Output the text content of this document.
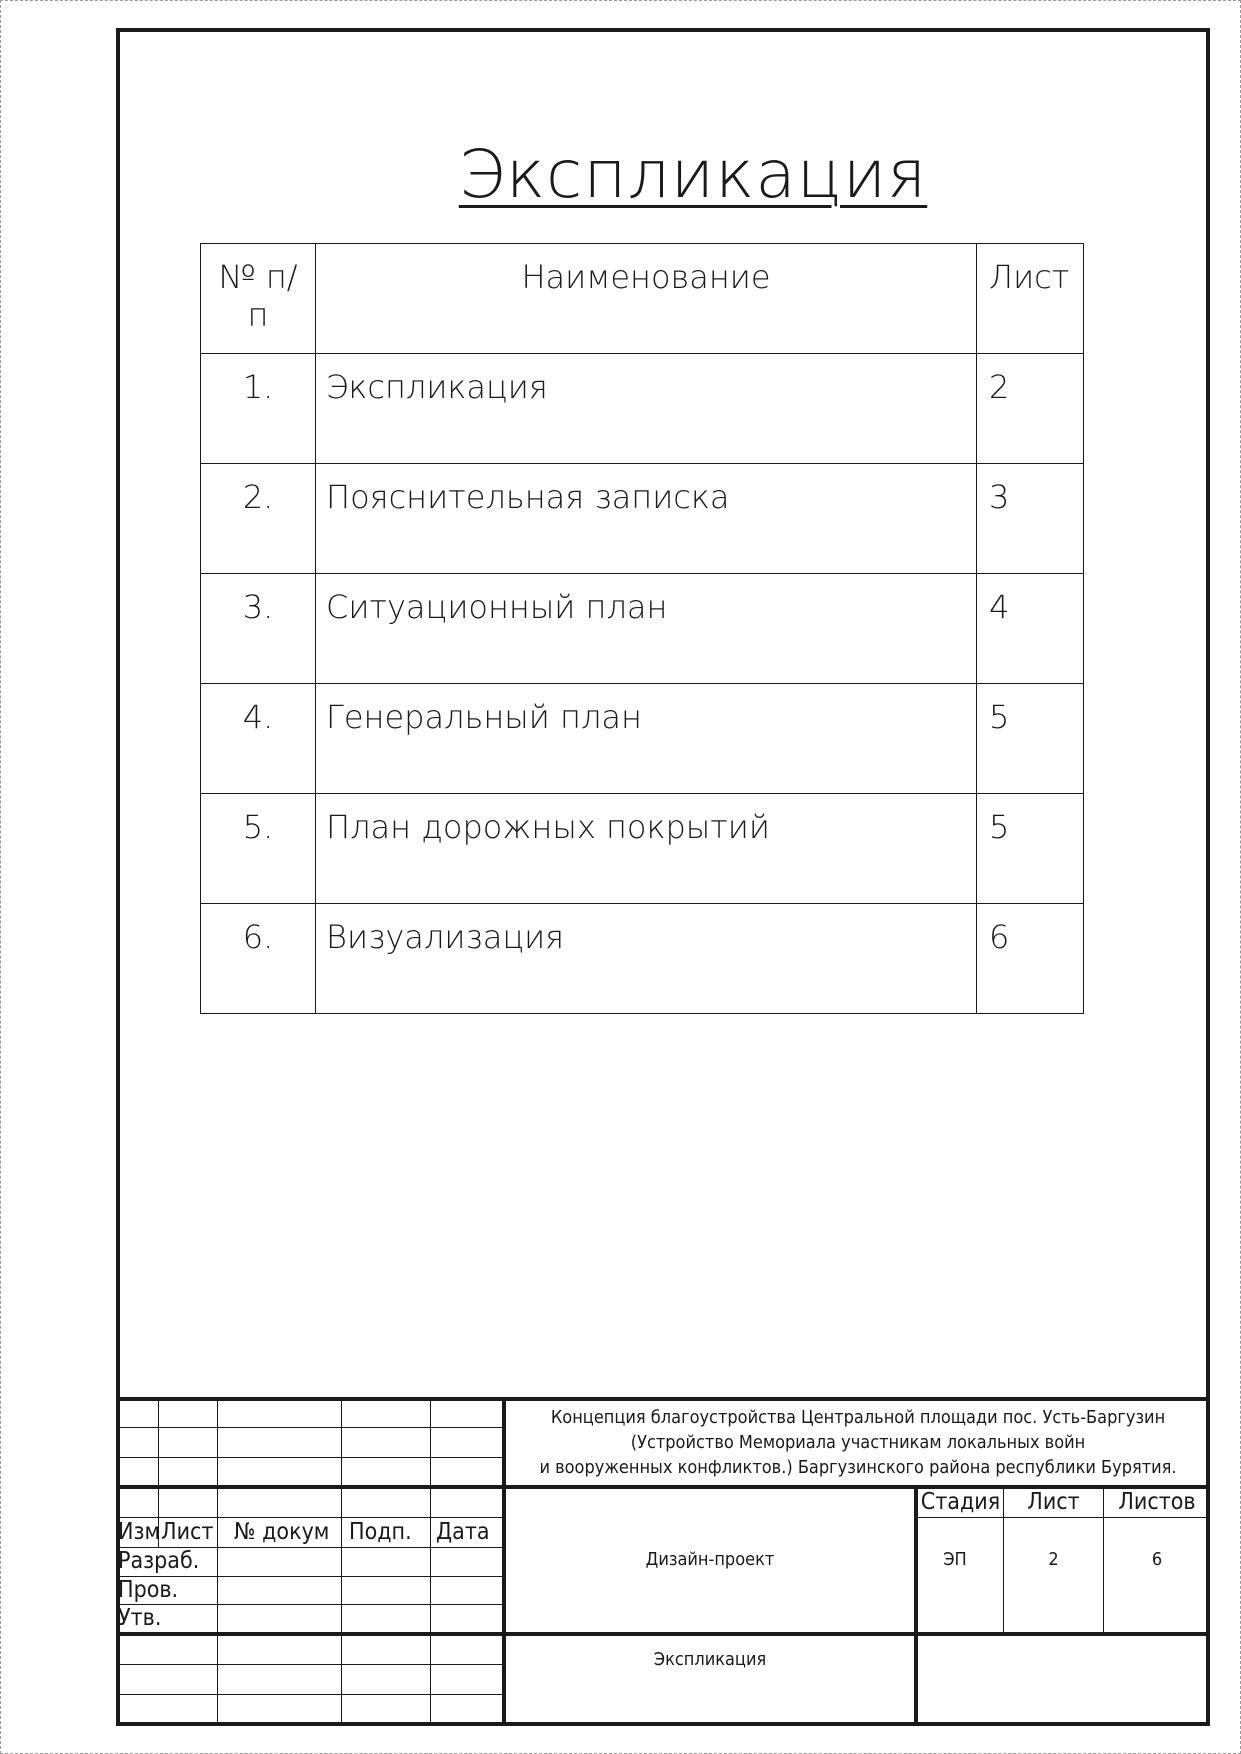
Экспликация
№ п/п	Наименование	Лист
1.	Экспликация	2
2.	Пояснительная записка	3
3.	Ситуационный план	4
4.	Генеральный план	5
5.	План дорожных покрытий	5
6.	Визуализация	6
Концепция благоустройства Центральной площади пос. Усть-Баргузин
(Устройство Мемориала участникам локальных войн
и вооруженных конфликтов.) Баргузинского района республики Бурятия.
Изм Лист № докум Подп. Дата
Разраб.
Пров.
Утв.
Дизайн-проект
Стадия	Лист	Листов
ЭП	2	6
Экспликация
